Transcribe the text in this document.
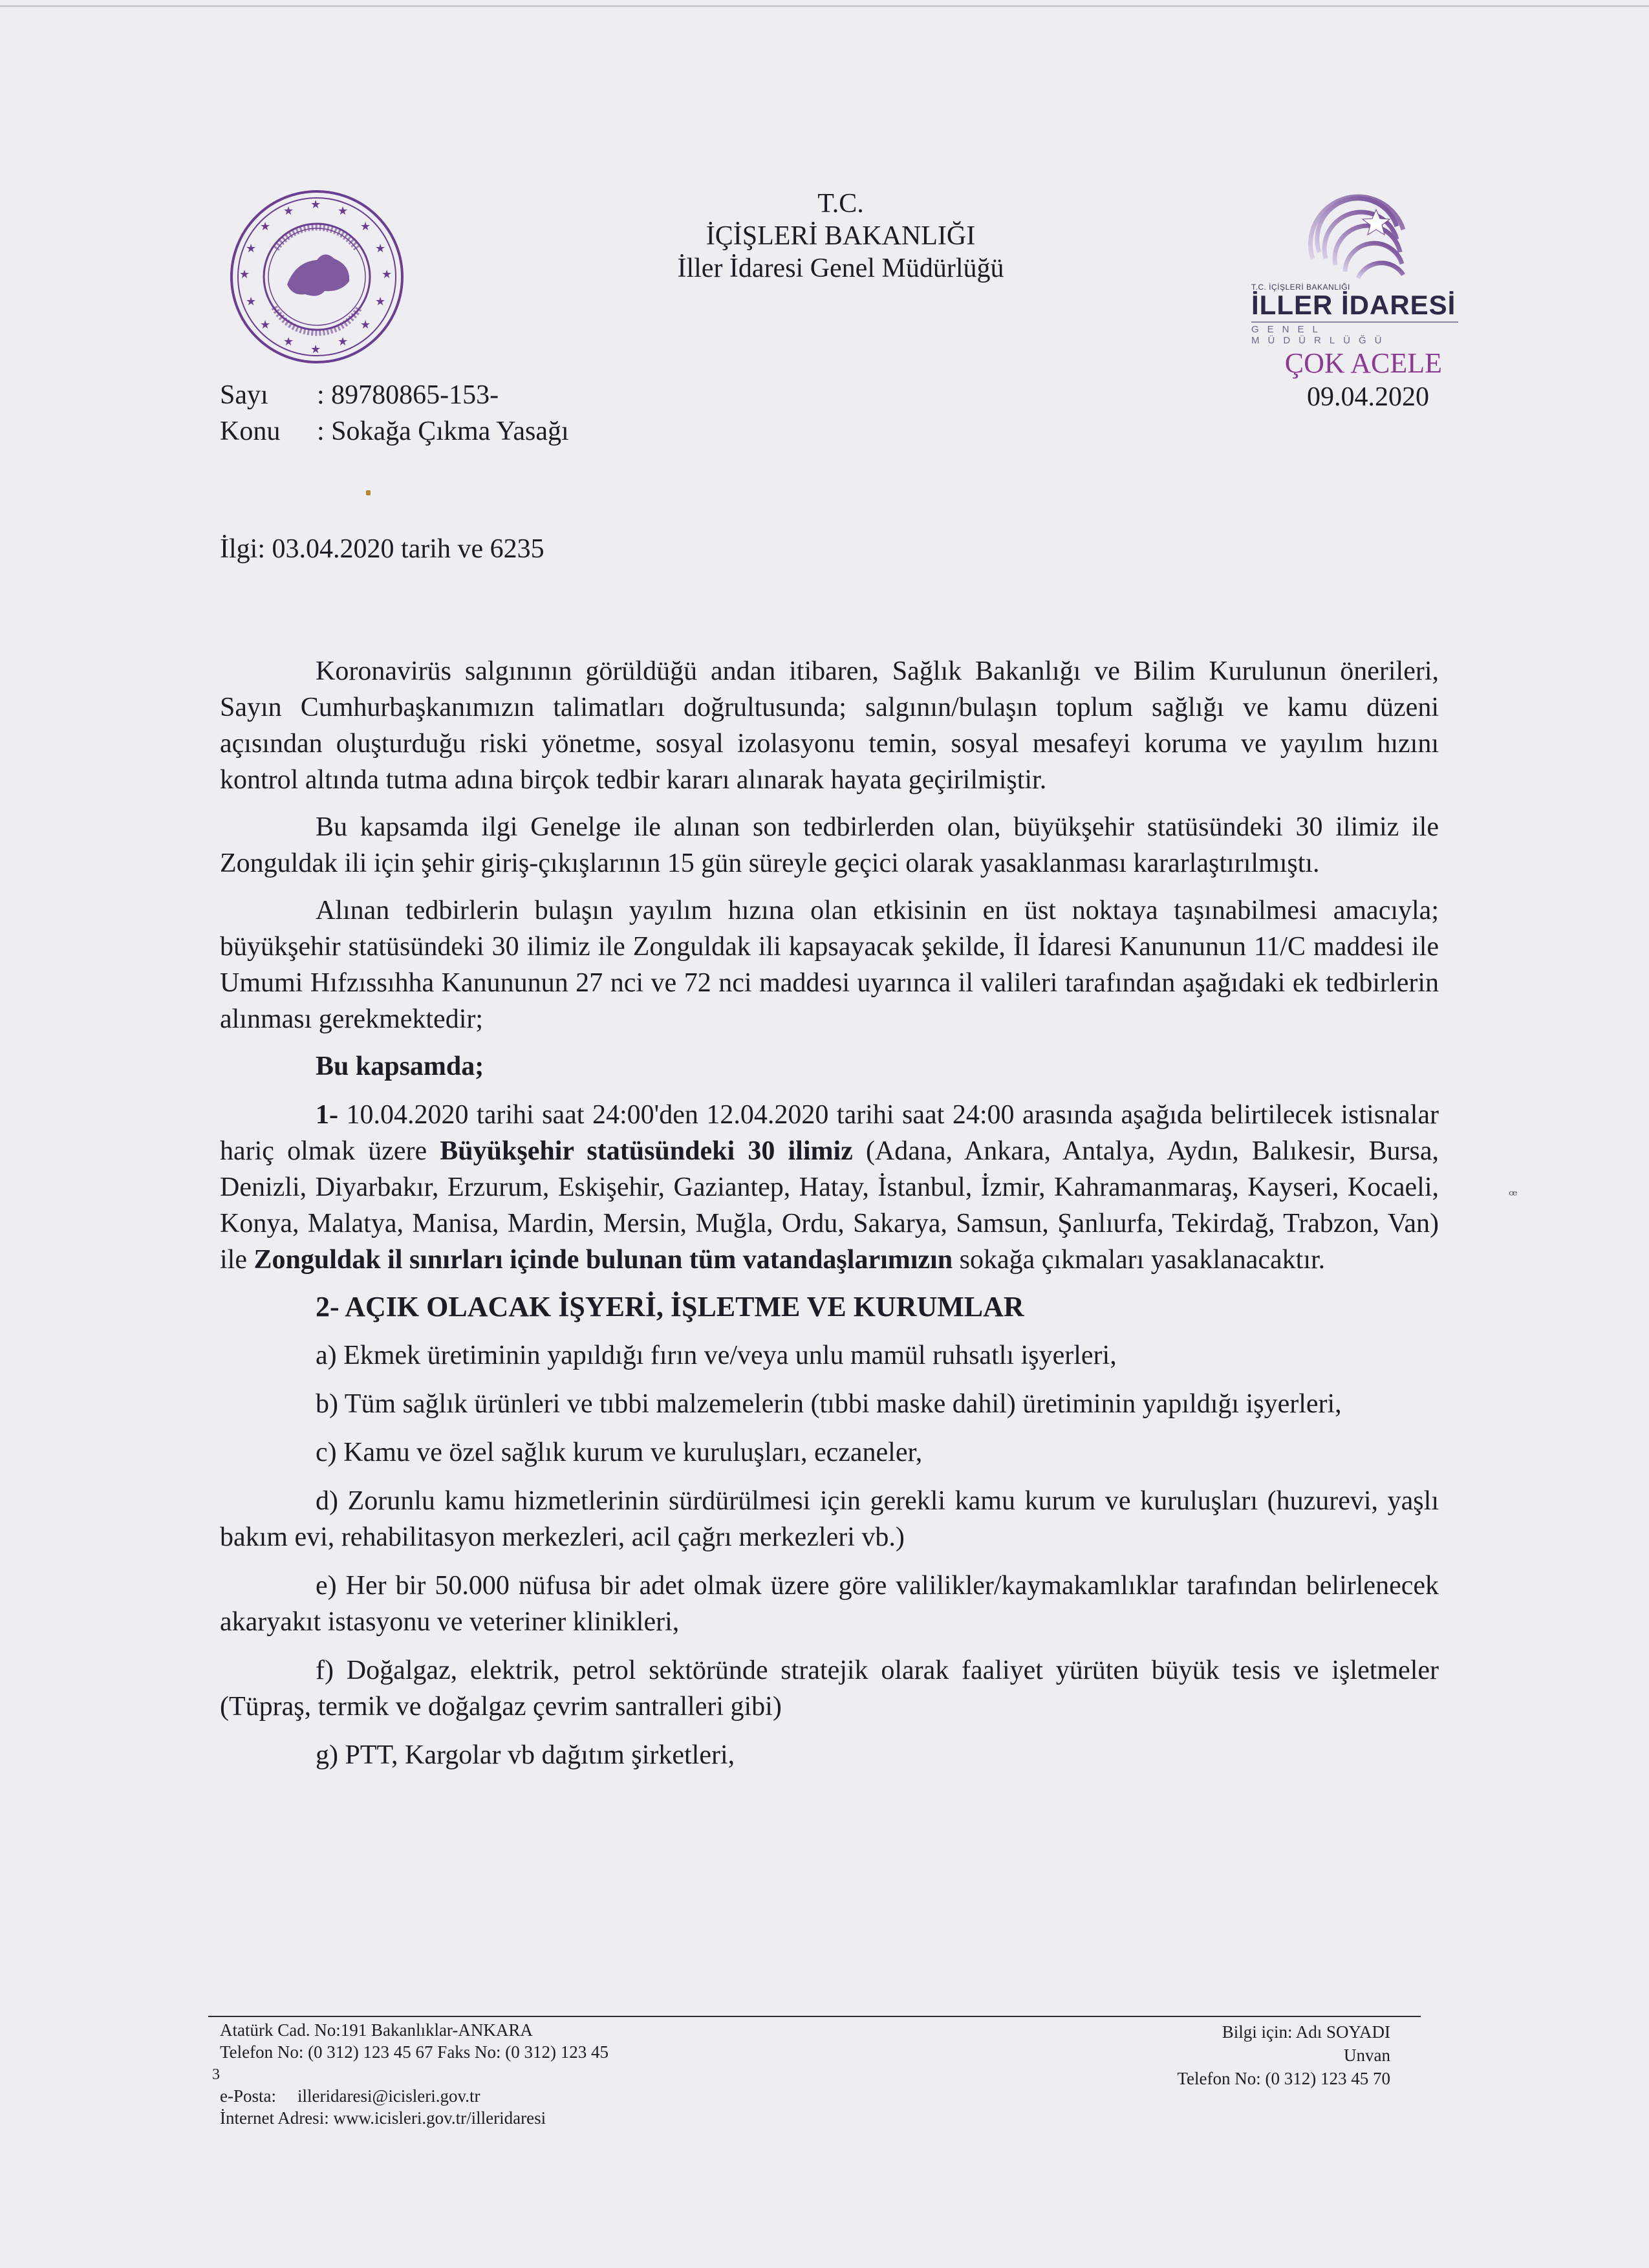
★ ★
★
★
★
★
★
★
★
★
★
★
★
★
★
★	T.C.
İÇİŞLERİ BAKANLIĞI
İller İdaresi Genel Müdürlüğü
T.C. İÇİŞLERİ BAKANLIĞI
İLLER İDARESİ
GENEL MÜDÜRLÜĞÜ
ÇOK ACELE
09.04.2020
Sayı : 89780865-153-
Konu : Sokağa Çıkma Yasağı
İlgi: 03.04.2020 tarih ve 6235

Koronavirüs salgınının görüldüğü andan itibaren, Sağlık Bakanlığı ve Bilim Kurulunun önerileri, Sayın Cumhurbaşkanımızın talimatları doğrultusunda; salgının/bulaşın toplum sağlığı ve kamu düzeni açısından oluşturduğu riski yönetme, sosyal izolasyonu temin, sosyal mesafeyi koruma ve yayılım hızını kontrol altında tutma adına birçok tedbir kararı alınarak hayata geçirilmiştir.

Bu kapsamda ilgi Genelge ile alınan son tedbirlerden olan, büyükşehir statüsündeki 30 ilimiz ile Zonguldak ili için şehir giriş-çıkışlarının 15 gün süreyle geçici olarak yasaklanması kararlaştırılmıştı.

Alınan tedbirlerin bulaşın yayılım hızına olan etkisinin en üst noktaya taşınabilmesi amacıyla; büyükşehir statüsündeki 30 ilimiz ile Zonguldak ili kapsayacak şekilde, İl İdaresi Kanununun 11/C maddesi ile Umumi Hıfzıssıhha Kanununun 27 nci ve 72 nci maddesi uyarınca il valileri tarafından aşağıdaki ek tedbirlerin alınması gerekmektedir;

Bu kapsamda;

1- 10.04.2020 tarihi saat 24:00'den 12.04.2020 tarihi saat 24:00 arasında aşağıda belirtilecek istisnalar hariç olmak üzere Büyükşehir statüsündeki 30 ilimiz (Adana, Ankara, Antalya, Aydın, Balıkesir, Bursa, Denizli, Diyarbakır, Erzurum, Eskişehir, Gaziantep, Hatay, İstanbul, İzmir, Kahramanmaraş, Kayseri, Kocaeli, Konya, Malatya, Manisa, Mardin, Mersin, Muğla, Ordu, Sakarya, Samsun, Şanlıurfa, Tekirdağ, Trabzon, Van) ile Zonguldak il sınırları içinde bulunan tüm vatandaşlarımızın sokağa çıkmaları yasaklanacaktır.

2- AÇIK OLACAK İŞYERİ, İŞLETME VE KURUMLAR

a) Ekmek üretiminin yapıldığı fırın ve/veya unlu mamül ruhsatlı işyerleri,

b) Tüm sağlık ürünleri ve tıbbi malzemelerin (tıbbi maske dahil) üretiminin yapıldığı işyerleri,

c) Kamu ve özel sağlık kurum ve kuruluşları, eczaneler,

d) Zorunlu kamu hizmetlerinin sürdürülmesi için gerekli kamu kurum ve kuruluşları (huzurevi, yaşlı bakım evi, rehabilitasyon merkezleri, acil çağrı merkezleri vb.)

e) Her bir 50.000 nüfusa bir adet olmak üzere göre valilikler/kaymakamlıklar tarafından belirlenecek akaryakıt istasyonu ve veteriner klinikleri,

f) Doğalgaz, elektrik, petrol sektöründe stratejik olarak faaliyet yürüten büyük tesis ve işletmeler (Tüpraş, termik ve doğalgaz çevrim santralleri gibi)

g) PTT, Kargolar vb dağıtım şirketleri,

ꟹ
Atatürk Cad. No:191 Bakanlıklar-ANKARA
Telefon No: (0 312) 123 45 67 Faks No: (0 312) 123 45
e-Posta: illeridaresi@icisleri.gov.tr
İnternet Adresi: www.icisleri.gov.tr/illeridaresi
3
Bilgi için: Adı SOYADI
Unvan
Telefon No: (0 312) 123 45 70
